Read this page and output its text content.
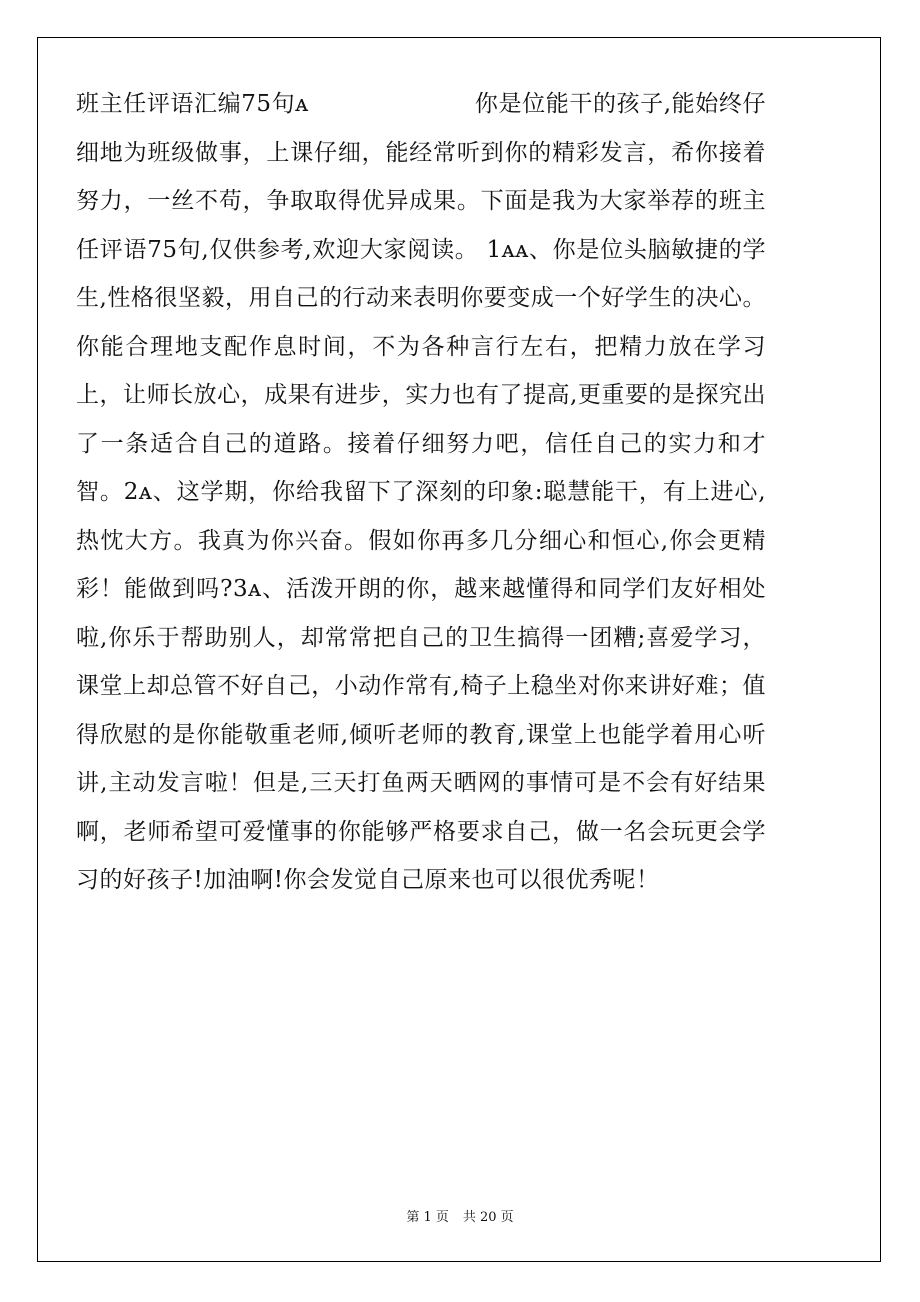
班主任评语汇编75句ᴀ                     你是位能干的孩子,能始终仔细地为班级做事，上课仔细，能经常听到你的精彩发言，希你接着努力，一丝不苟，争取取得优异成果。下面是我为大家举荐的班主任评语75句,仅供参考,欢迎大家阅读。 1ᴀᴀ、你是位头脑敏捷的学生,性格很坚毅，用自己的行动来表明你要变成一个好学生的决心。你能合理地支配作息时间，不为各种言行左右，把精力放在学习上，让师长放心，成果有进步，实力也有了提高,更重要的是探究出了一条适合自己的道路。接着仔细努力吧，信任自己的实力和才智。2ᴀ、这学期，你给我留下了深刻的印象:聪慧能干，有上进心,热忱大方。我真为你兴奋。假如你再多几分细心和恒心,你会更精彩！能做到吗?3ᴀ、活泼开朗的你，越来越懂得和同学们友好相处啦,你乐于帮助别人，却常常把自己的卫生搞得一团糟;喜爱学习，课堂上却总管不好自己，小动作常有,椅子上稳坐对你来讲好难；值得欣慰的是你能敬重老师,倾听老师的教育,课堂上也能学着用心听讲,主动发言啦！但是,三天打鱼两天晒网的事情可是不会有好结果啊，老师希望可爱懂事的你能够严格要求自己，做一名会玩更会学习的好孩子!加油啊!你会发觉自己原来也可以很优秀呢！

第 1 页 共 20 页
